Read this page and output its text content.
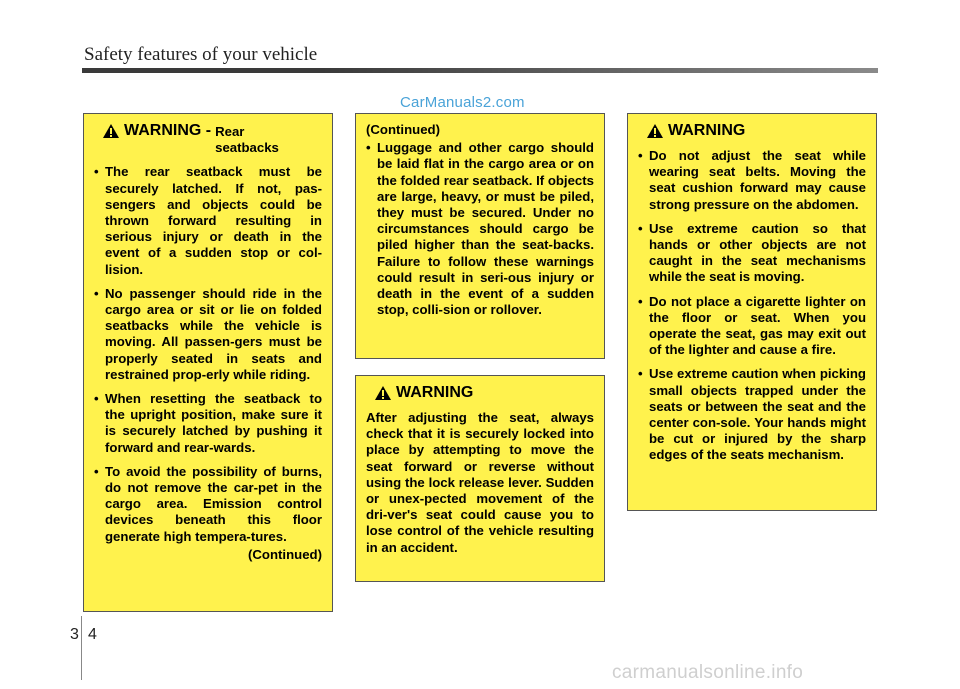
Safety features of your vehicle
CarManuals2.com
WARNING - Rear
seatbacks
• The rear seatback must be securely latched. If not, pas-sengers and objects could be thrown forward resulting in serious injury or death in the event of a sudden stop or col-lision.
• No passenger should ride in the cargo area or sit or lie on folded seatbacks while the vehicle is moving. All passen-gers must be properly seated in seats and restrained prop-erly while riding.
• When resetting the seatback to the upright position, make sure it is securely latched by pushing it forward and rear-wards.
• To avoid the possibility of burns, do not remove the car-pet in the cargo area. Emission control devices beneath this floor generate high tempera-tures.
(Continued)
(Continued)
• Luggage and other cargo should be laid flat in the cargo area or on the folded rear seatback. If objects are large, heavy, or must be piled, they must be secured. Under no circumstances should cargo be piled higher than the seat-backs. Failure to follow these warnings could result in seri-ous injury or death in the event of a sudden stop, colli-sion or rollover.
WARNING
After adjusting the seat, always check that it is securely locked into place by attempting to move the seat forward or reverse without using the lock release lever. Sudden or unex-pected movement of the dri-ver's seat could cause you to lose control of the vehicle resulting in an accident.
WARNING
• Do not adjust the seat while wearing seat belts. Moving the seat cushion forward may cause strong pressure on the abdomen.
• Use extreme caution so that hands or other objects are not caught in the seat mechanisms while the seat is moving.
• Do not place a cigarette lighter on the floor or seat. When you operate the seat, gas may exit out of the lighter and cause a fire.
• Use extreme caution when picking small objects trapped under the seats or between the seat and the center con-sole. Your hands might be cut or injured by the sharp edges of the seats mechanism.
3 4
carmanualsonline.info
